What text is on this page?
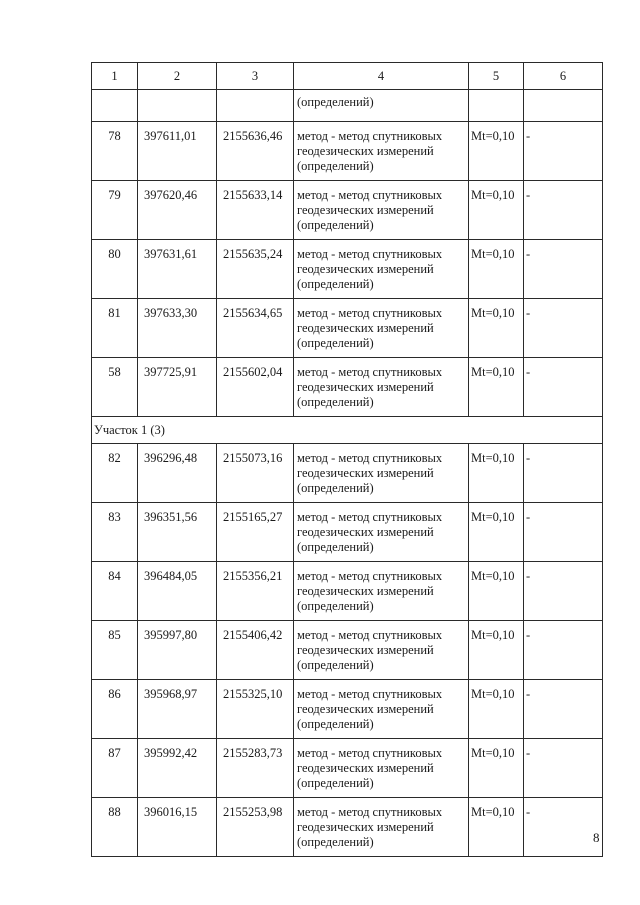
1	2	3	4	5	6
			(определений)		
78	397611,01	2155636,46	метод - метод спутниковых геодезических измерений (определений)	Mt=0,10	-
79	397620,46	2155633,14	метод - метод спутниковых геодезических измерений (определений)	Mt=0,10	-
80	397631,61	2155635,24	метод - метод спутниковых геодезических измерений (определений)	Mt=0,10	-
81	397633,30	2155634,65	метод - метод спутниковых геодезических измерений (определений)	Mt=0,10	-
58	397725,91	2155602,04	метод - метод спутниковых геодезических измерений (определений)	Mt=0,10	-
Участок 1 (3)					
82	396296,48	2155073,16	метод - метод спутниковых геодезических измерений (определений)	Mt=0,10	-
83	396351,56	2155165,27	метод - метод спутниковых геодезических измерений (определений)	Mt=0,10	-
84	396484,05	2155356,21	метод - метод спутниковых геодезических измерений (определений)	Mt=0,10	-
85	395997,80	2155406,42	метод - метод спутниковых геодезических измерений (определений)	Mt=0,10	-
86	395968,97	2155325,10	метод - метод спутниковых геодезических измерений (определений)	Mt=0,10	-
87	395992,42	2155283,73	метод - метод спутниковых геодезических измерений (определений)	Mt=0,10	-
88	396016,15	2155253,98	метод - метод спутниковых геодезических измерений (определений)	Mt=0,10	-
8
